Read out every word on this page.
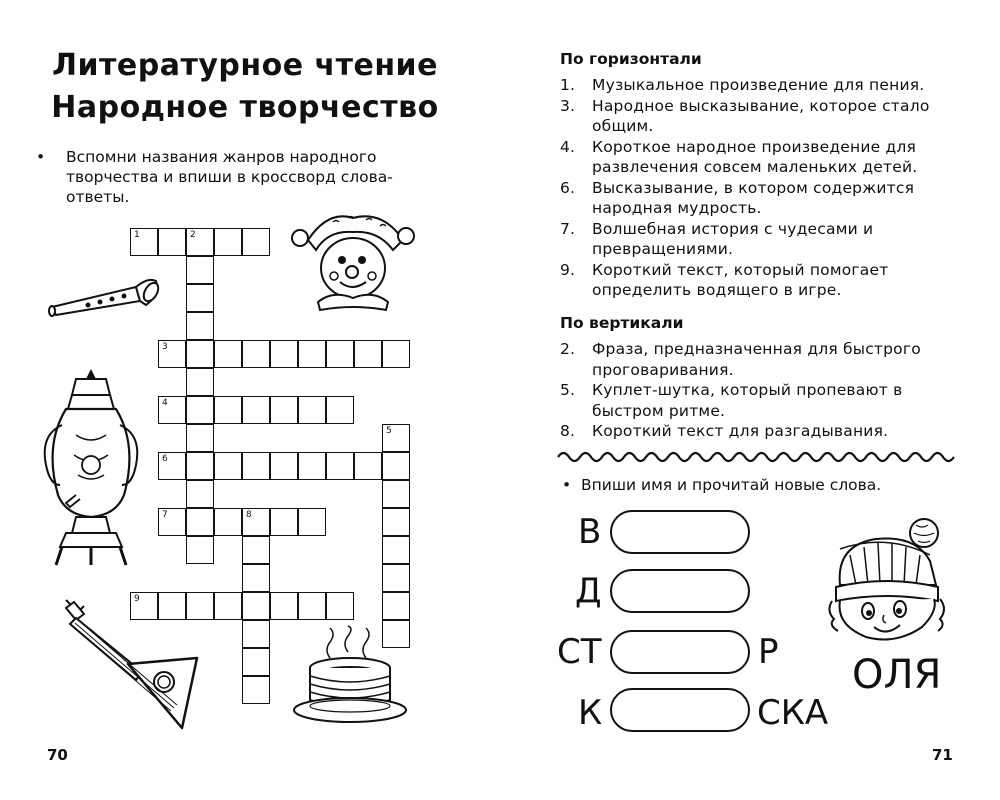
Литературное чтение
Народное творчество
• Вспомни названия жанров народного творчества и впиши в кроссворд слова-ответы.
1	2
3
4
5
6
7	8
9
70
По горизонтали
1. Музыкальное произведение для пения.
3. Народное высказывание, которое стало общим.
4. Короткое народное произведение для развлечения совсем маленьких детей.
6. Высказывание, в котором содержится народная мудрость.
7. Волшебная история с чудесами и превращениями.
9. Короткий текст, который помогает определить водящего в игре.
По вертикали
2. Фраза, предназначенная для быстрого проговаривания.
5. Куплет-шутка, который пропевают в быстром ритме.
8. Короткий текст для разгадывания.
• Впиши имя и прочитай новые слова.
В
Д
СТ	Р
К	СКА
ОЛЯ
71
